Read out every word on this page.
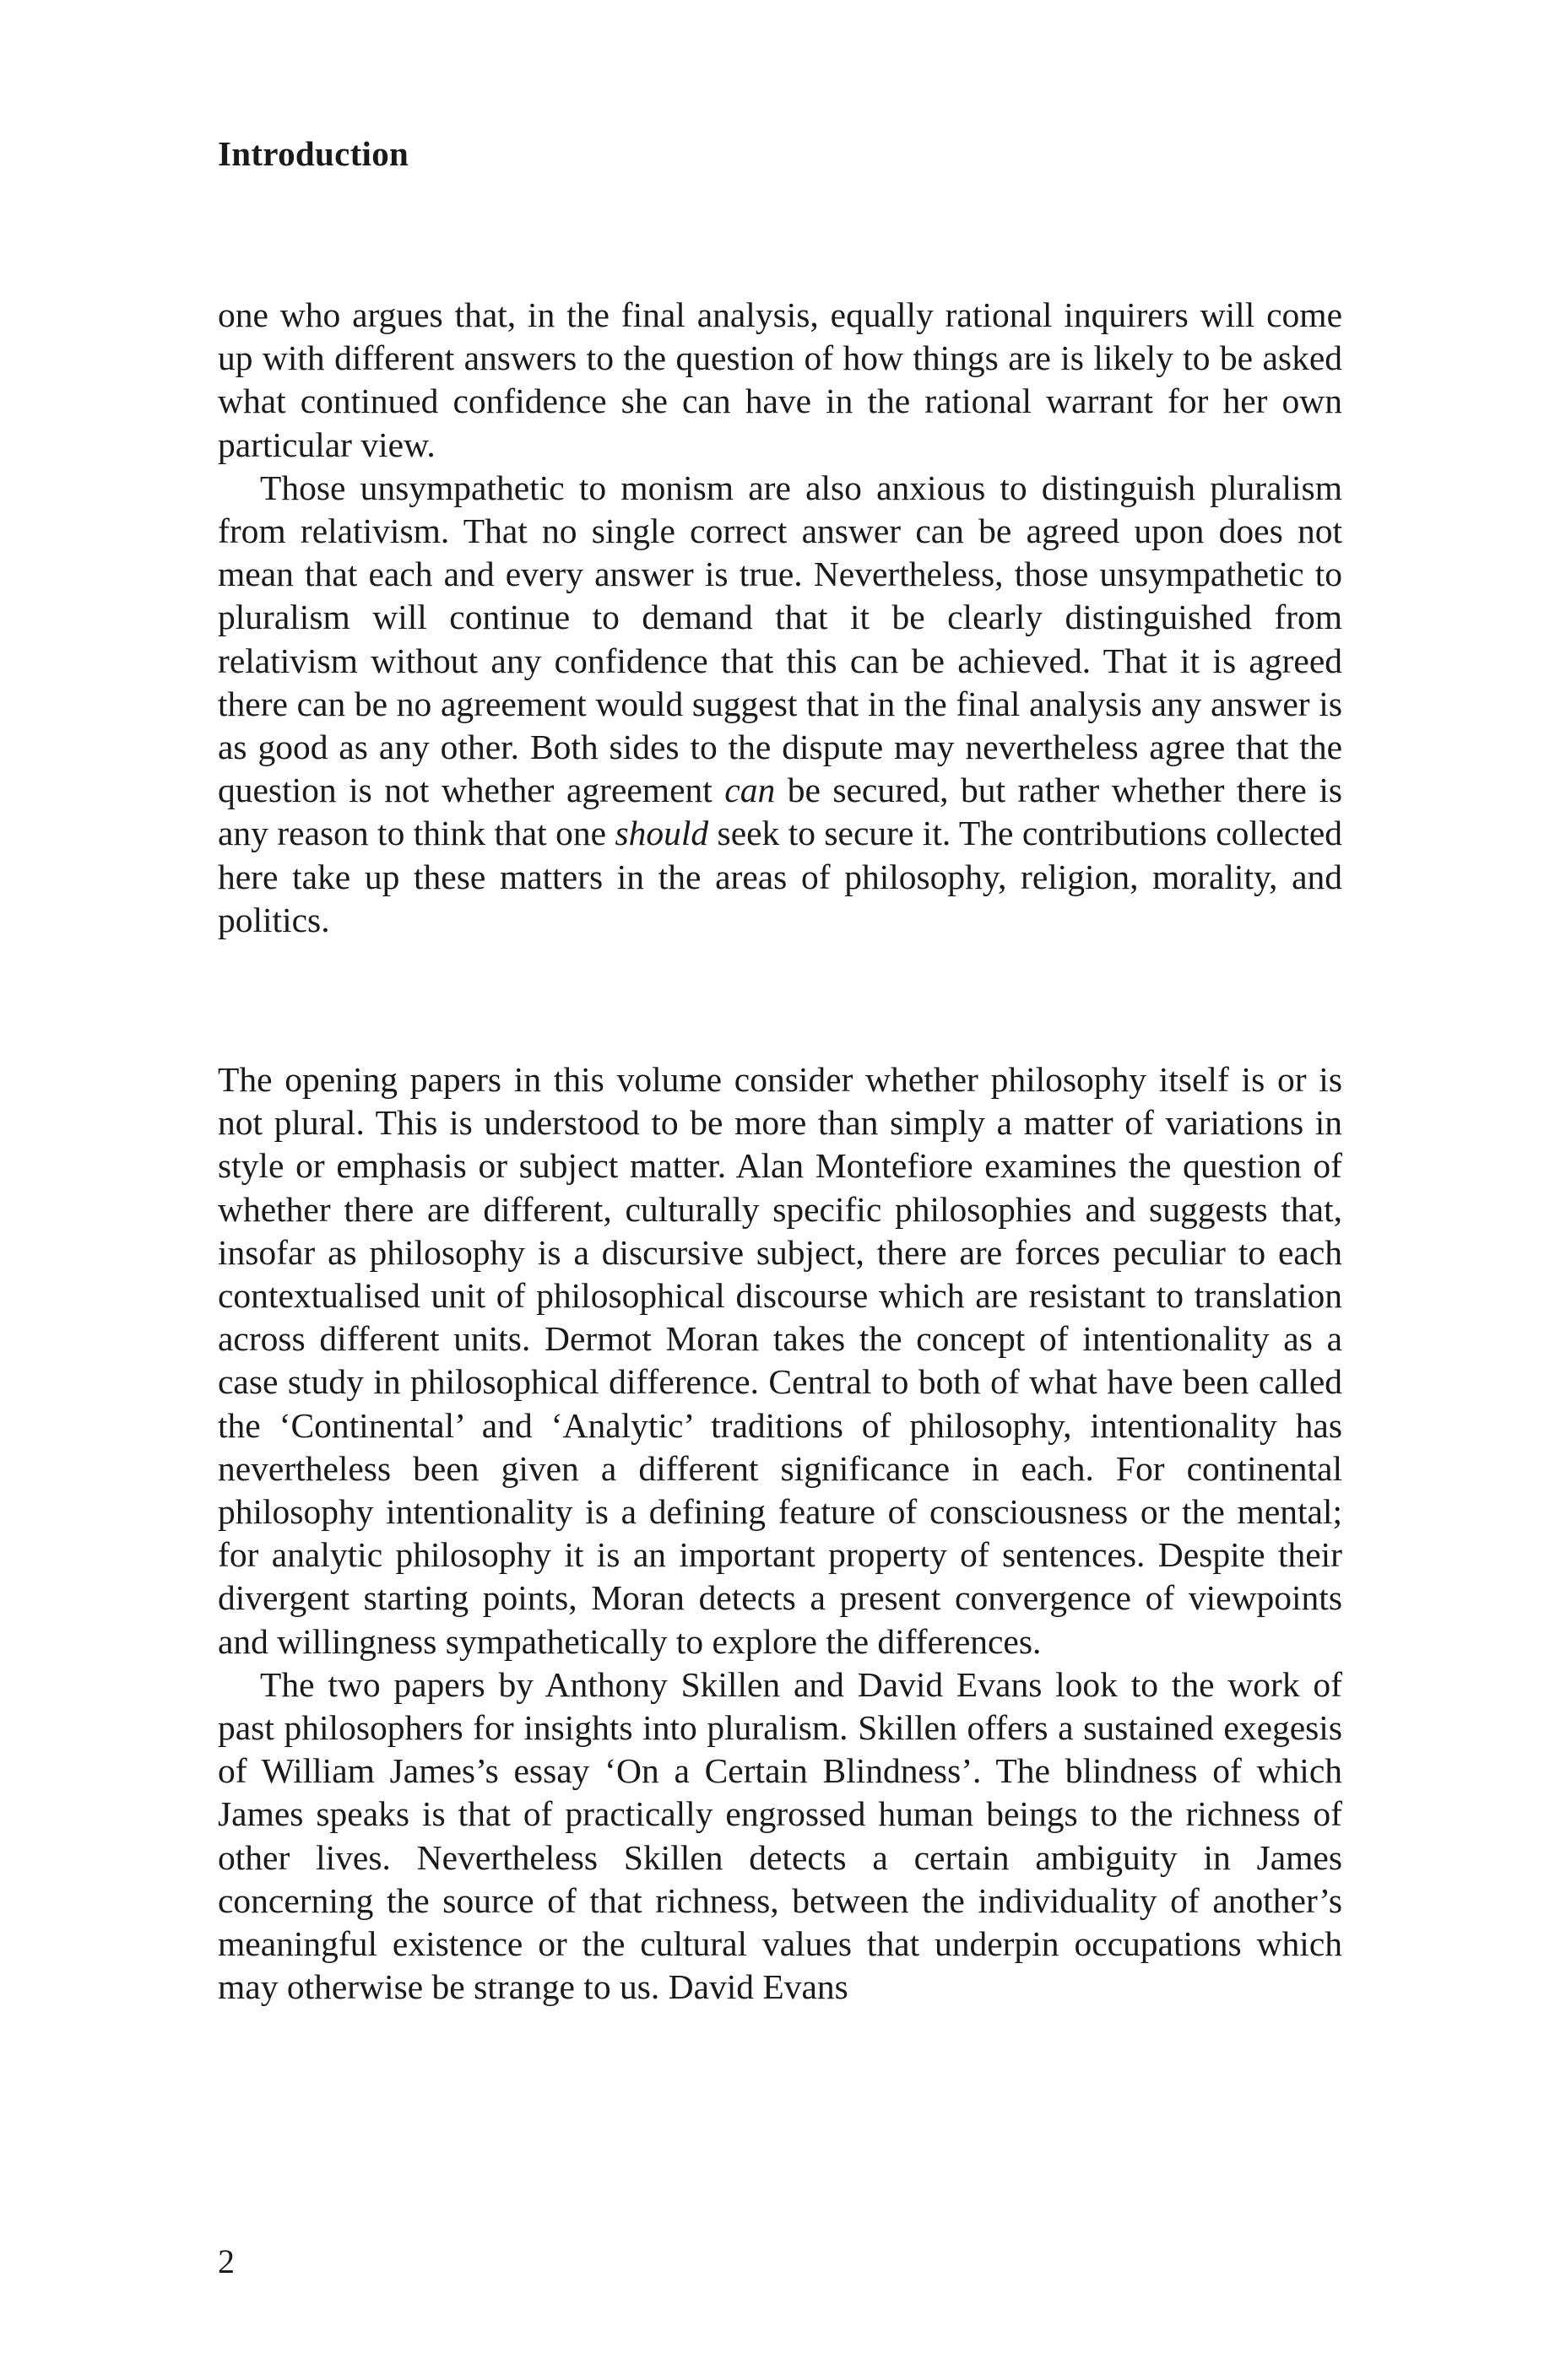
Introduction

one who argues that, in the final analysis, equally rational inquirers will come up with different answers to the question of how things are is likely to be asked what continued confidence she can have in the rational warrant for her own particular view.

Those unsympathetic to monism are also anxious to distinguish pluralism from relativism. That no single correct answer can be agreed upon does not mean that each and every answer is true. Nevertheless, those unsympathetic to pluralism will continue to demand that it be clearly distinguished from relativism without any confidence that this can be achieved. That it is agreed there can be no agreement would suggest that in the final analysis any answer is as good as any other. Both sides to the dispute may nevertheless agree that the question is not whether agreement can be secured, but rather whether there is any reason to think that one should seek to secure it. The contributions collected here take up these matters in the areas of philosophy, religion, morality, and politics.

The opening papers in this volume consider whether philosophy itself is or is not plural. This is understood to be more than simply a matter of variations in style or emphasis or subject matter. Alan Montefiore examines the question of whether there are different, culturally specific philosophies and suggests that, insofar as philosophy is a discursive subject, there are forces peculiar to each contextualised unit of philosophical discourse which are resistant to translation across different units. Dermot Moran takes the concept of intentionality as a case study in philosophical difference. Central to both of what have been called the ‘Continental’ and ‘Analytic’ traditions of philosophy, intentionality has nevertheless been given a different significance in each. For continental philosophy intentionality is a defining feature of consciousness or the mental; for analytic philosophy it is an important property of sentences. Despite their divergent starting points, Moran detects a present convergence of viewpoints and willingness sympathetically to explore the differences.

The two papers by Anthony Skillen and David Evans look to the work of past philosophers for insights into pluralism. Skillen offers a sustained exegesis of William James’s essay ‘On a Certain Blindness’. The blindness of which James speaks is that of practically engrossed human beings to the richness of other lives. Nevertheless Skillen detects a certain ambiguity in James concerning the source of that richness, between the individuality of another’s meaningful existence or the cultural values that underpin occupations which may otherwise be strange to us. David Evans

2
